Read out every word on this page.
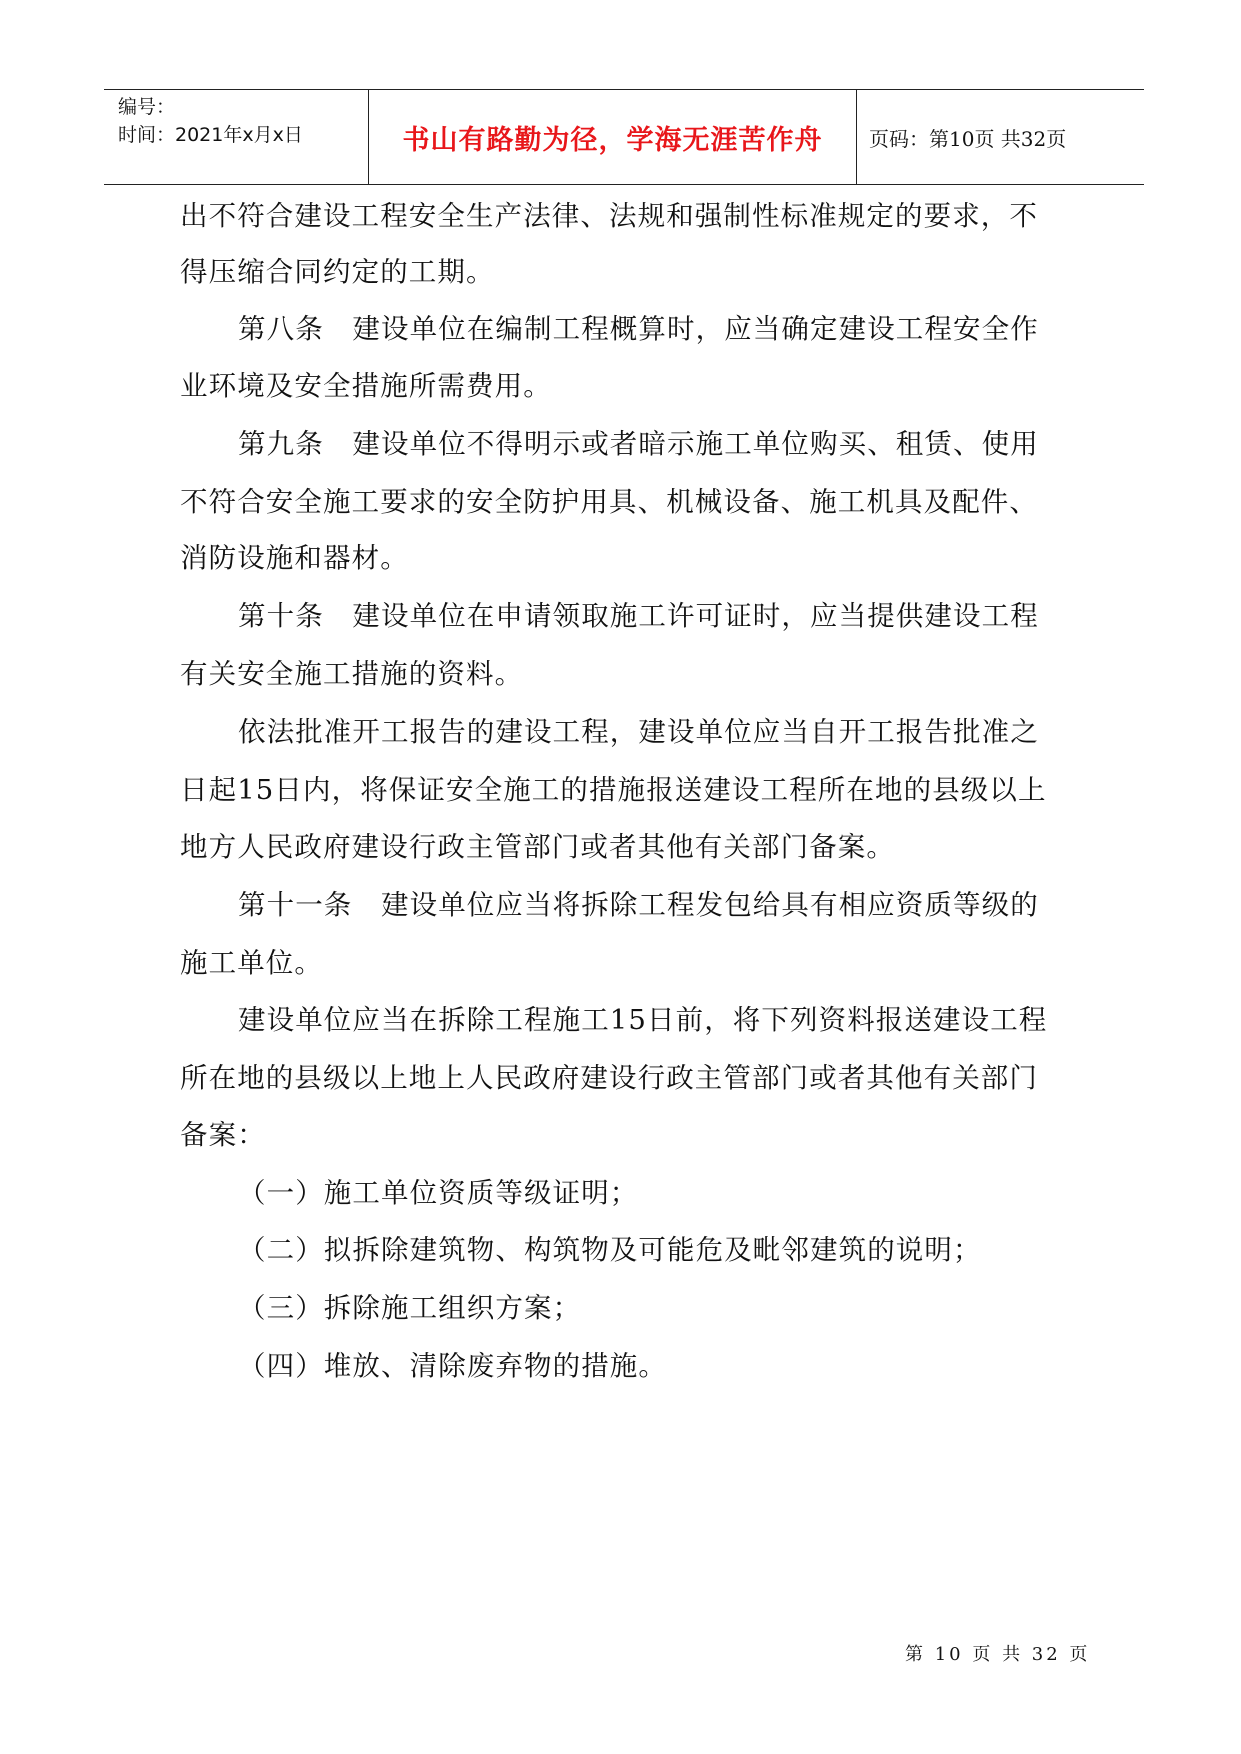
编号：
时间：2021年x月x日	书山有路勤为径，学海无涯苦作舟 页码：第10页 共32页
出不符合建设工程安全生产法律、法规和强制性标准规定的要求，不
得压缩合同约定的工期。
第八条　建设单位在编制工程概算时，应当确定建设工程安全作
业环境及安全措施所需费用。
第九条　建设单位不得明示或者暗示施工单位购买、租赁、使用
不符合安全施工要求的安全防护用具、机械设备、施工机具及配件、
消防设施和器材。
第十条　建设单位在申请领取施工许可证时，应当提供建设工程
有关安全施工措施的资料。
依法批准开工报告的建设工程，建设单位应当自开工报告批准之
日起15日内，将保证安全施工的措施报送建设工程所在地的县级以上
地方人民政府建设行政主管部门或者其他有关部门备案。
第十一条　建设单位应当将拆除工程发包给具有相应资质等级的
施工单位。
建设单位应当在拆除工程施工15日前，将下列资料报送建设工程
所在地的县级以上地上人民政府建设行政主管部门或者其他有关部门
备案：
（一）施工单位资质等级证明；
（二）拟拆除建筑物、构筑物及可能危及毗邻建筑的说明；
（三）拆除施工组织方案；
（四）堆放、清除废弃物的措施。
第 10 页 共 32 页
